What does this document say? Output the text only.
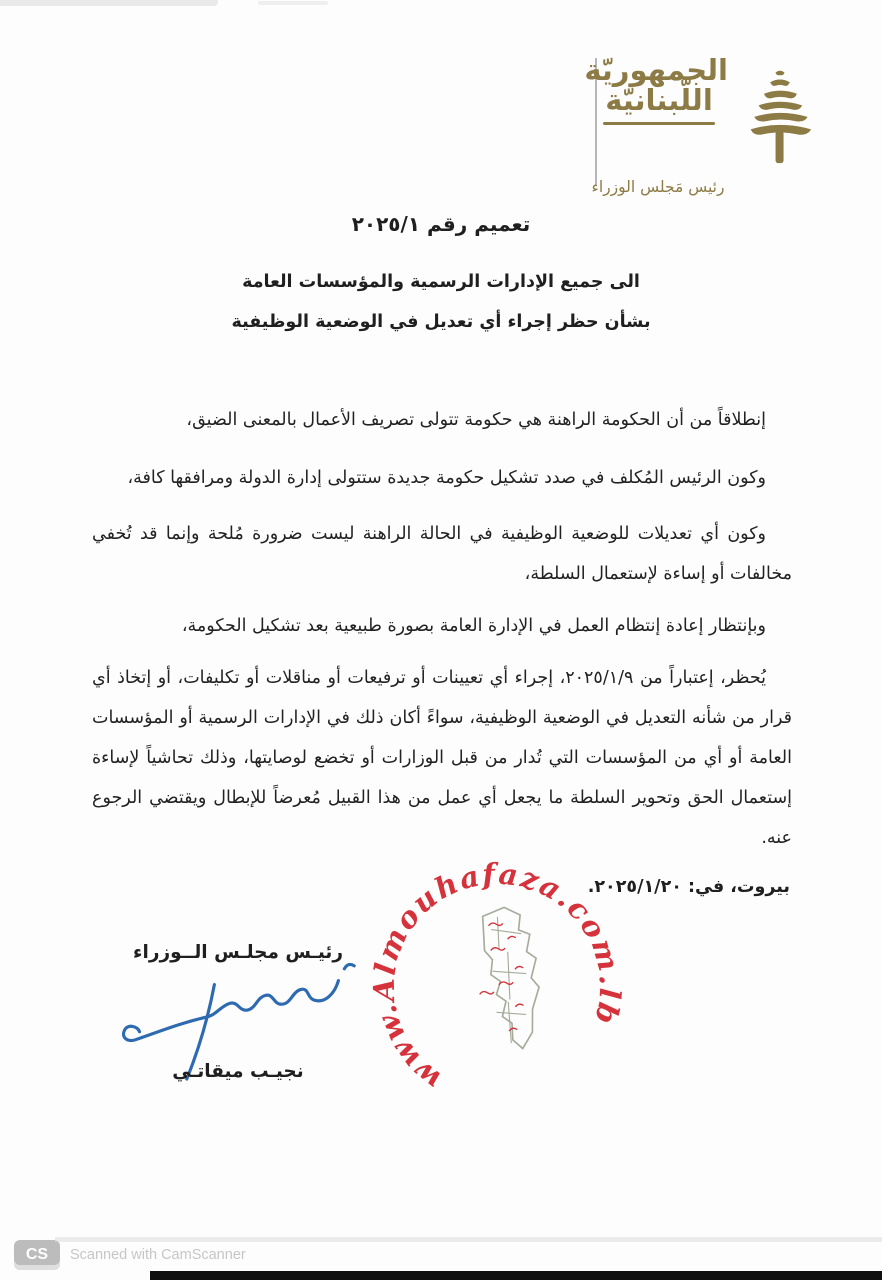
الجمهوريّة
اللّبنانيّة
رئيس مَجلس الوزراء
تعميم رقم ٢٠٢٥/١
الى جميع الإدارات الرسمية والمؤسسات العامة
بشأن حظر إجراء أي تعديل في الوضعية الوظيفية

إنطلاقاً من أن الحكومة الراهنة هي حكومة تتولى تصريف الأعمال بالمعنى الضيق،

وكون الرئيس المُكلف في صدد تشكيل حكومة جديدة ستتولى إدارة الدولة ومرافقها كافة،

وكون أي تعديلات للوضعية الوظيفية في الحالة الراهنة ليست ضرورة مُلحة وإنما قد تُخفي مخالفات أو إساءة لإستعمال السلطة،

وبإنتظار إعادة إنتظام العمل في الإدارة العامة بصورة طبيعية بعد تشكيل الحكومة،

يُحظر، إعتباراً من ٢٠٢٥/١/٩، إجراء أي تعيينات أو ترفيعات أو مناقلات أو تكليفات، أو إتخاذ أي قرار من شأنه التعديل في الوضعية الوظيفية، سواءً أكان ذلك في الإدارات الرسمية أو المؤسسات العامة أو أي من المؤسسات التي تُدار من قبل الوزارات أو تخضع لوصايتها، وذلك تحاشياً لإساءة إستعمال الحق وتحوير السلطة ما يجعل أي عمل من هذا القبيل مُعرضاً للإبطال ويقتضي الرجوع عنه.

بيروت، في: ٢٠٢٥/١/٢٠.
رئيـس مجلـس الــوزراء
نجيـب ميقاتـي	www.Almouhafaza.com.lb
CS Scanned with CamScanner
